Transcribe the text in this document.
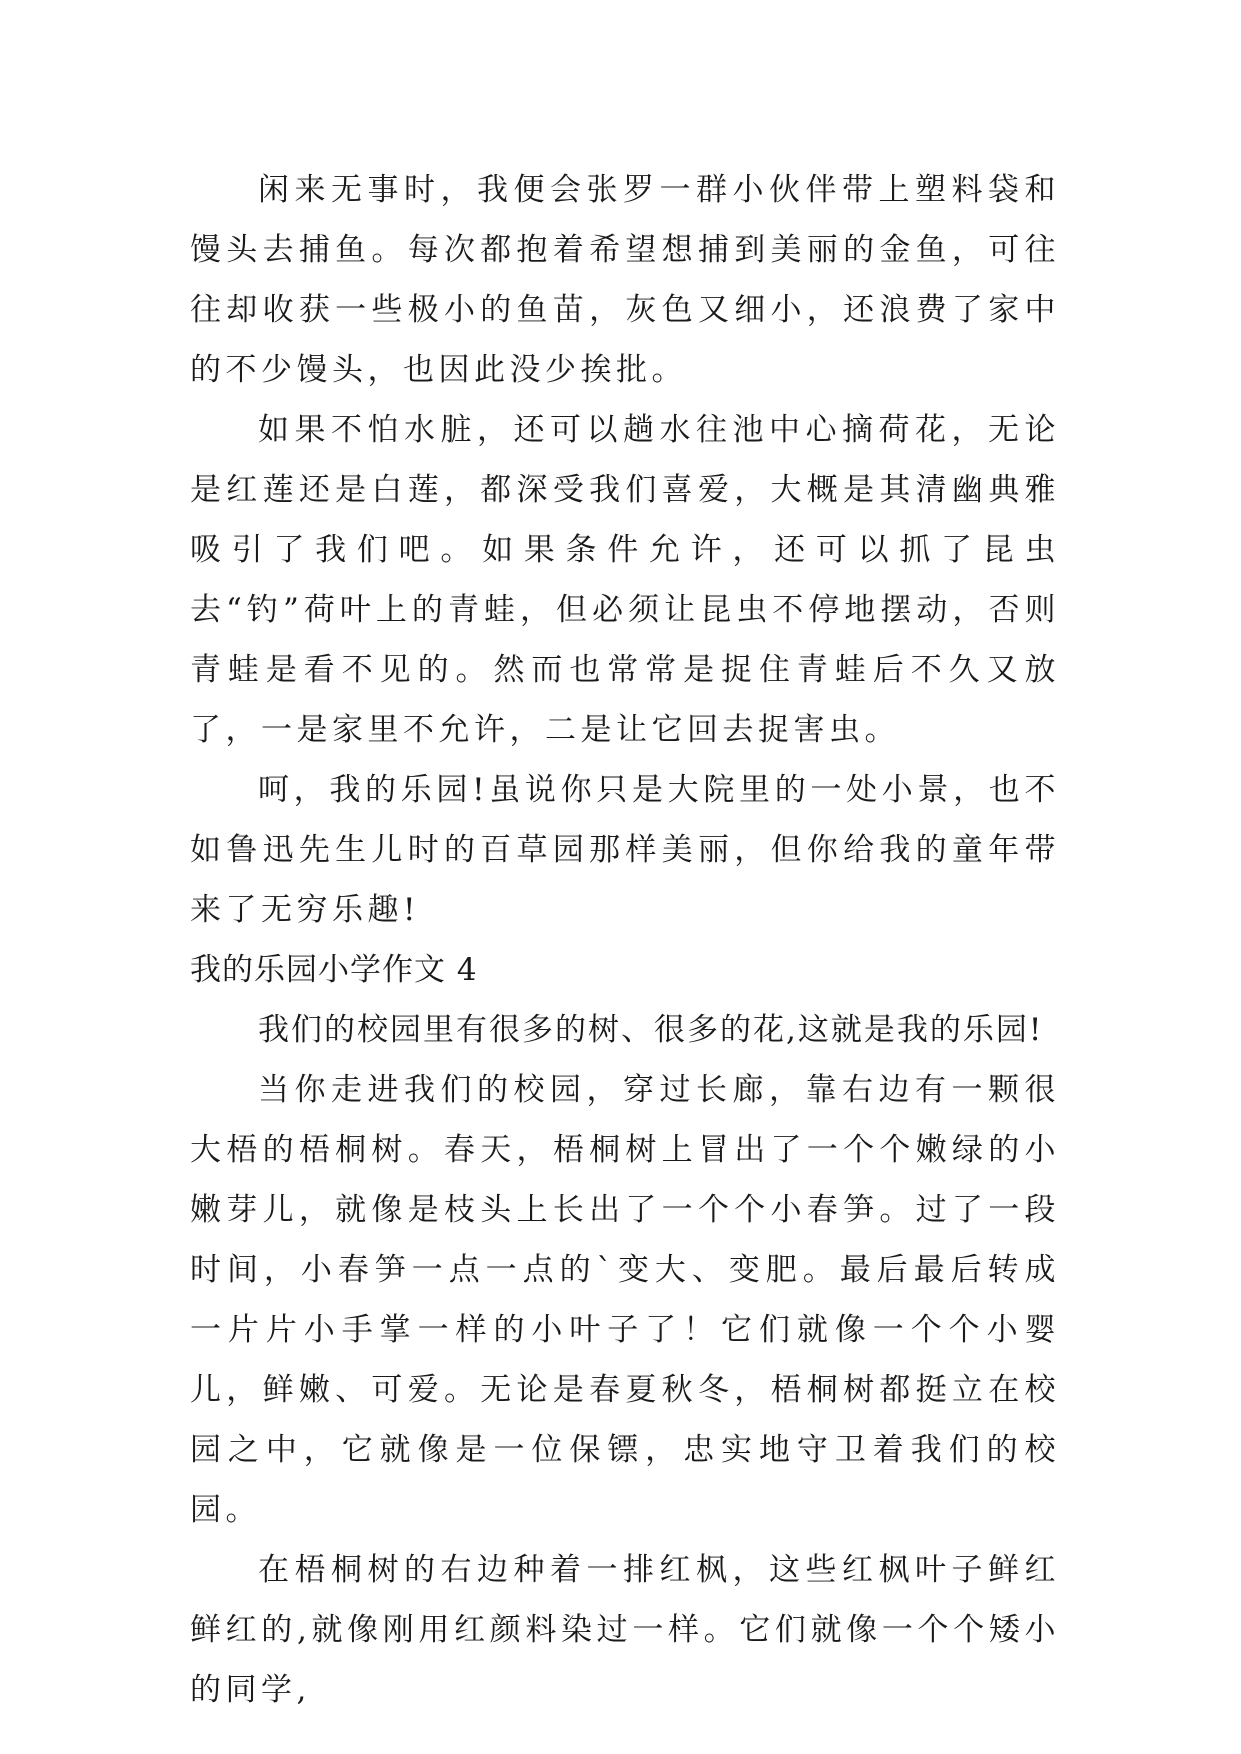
闲来无事时，我便会张罗一群小伙伴带上塑料袋和馒头去捕鱼。每次都抱着希望想捕到美丽的金鱼，可往往却收获一些极小的鱼苗，灰色又细小，还浪费了家中的不少馒头，也因此没少挨批。

如果不怕水脏，还可以趟水往池中心摘荷花，无论是红莲还是白莲，都深受我们喜爱，大概是其清幽典雅吸引了我们吧。如果条件允许，还可以抓了昆虫去“钓”荷叶上的青蛙，但必须让昆虫不停地摆动，否则青蛙是看不见的。然而也常常是捉住青蛙后不久又放了，一是家里不允许，二是让它回去捉害虫。

呵，我的乐园!虽说你只是大院里的一处小景，也不如鲁迅先生儿时的百草园那样美丽，但你给我的童年带来了无穷乐趣!

我的乐园小学作文 4

我们的校园里有很多的树、很多的花,这就是我的乐园!

当你走进我们的校园，穿过长廊，靠右边有一颗很大梧的梧桐树。春天，梧桐树上冒出了一个个嫩绿的小嫩芽儿，就像是枝头上长出了一个个小春笋。过了一段时间，小春笋一点一点的`变大、变肥。最后最后转成一片片小手掌一样的小叶子了！它们就像一个个小婴儿，鲜嫩、可爱。无论是春夏秋冬，梧桐树都挺立在校园之中，它就像是一位保镖，忠实地守卫着我们的校园。

在梧桐树的右边种着一排红枫，这些红枫叶子鲜红鲜红的,就像刚用红颜料染过一样。它们就像一个个矮小的同学,
